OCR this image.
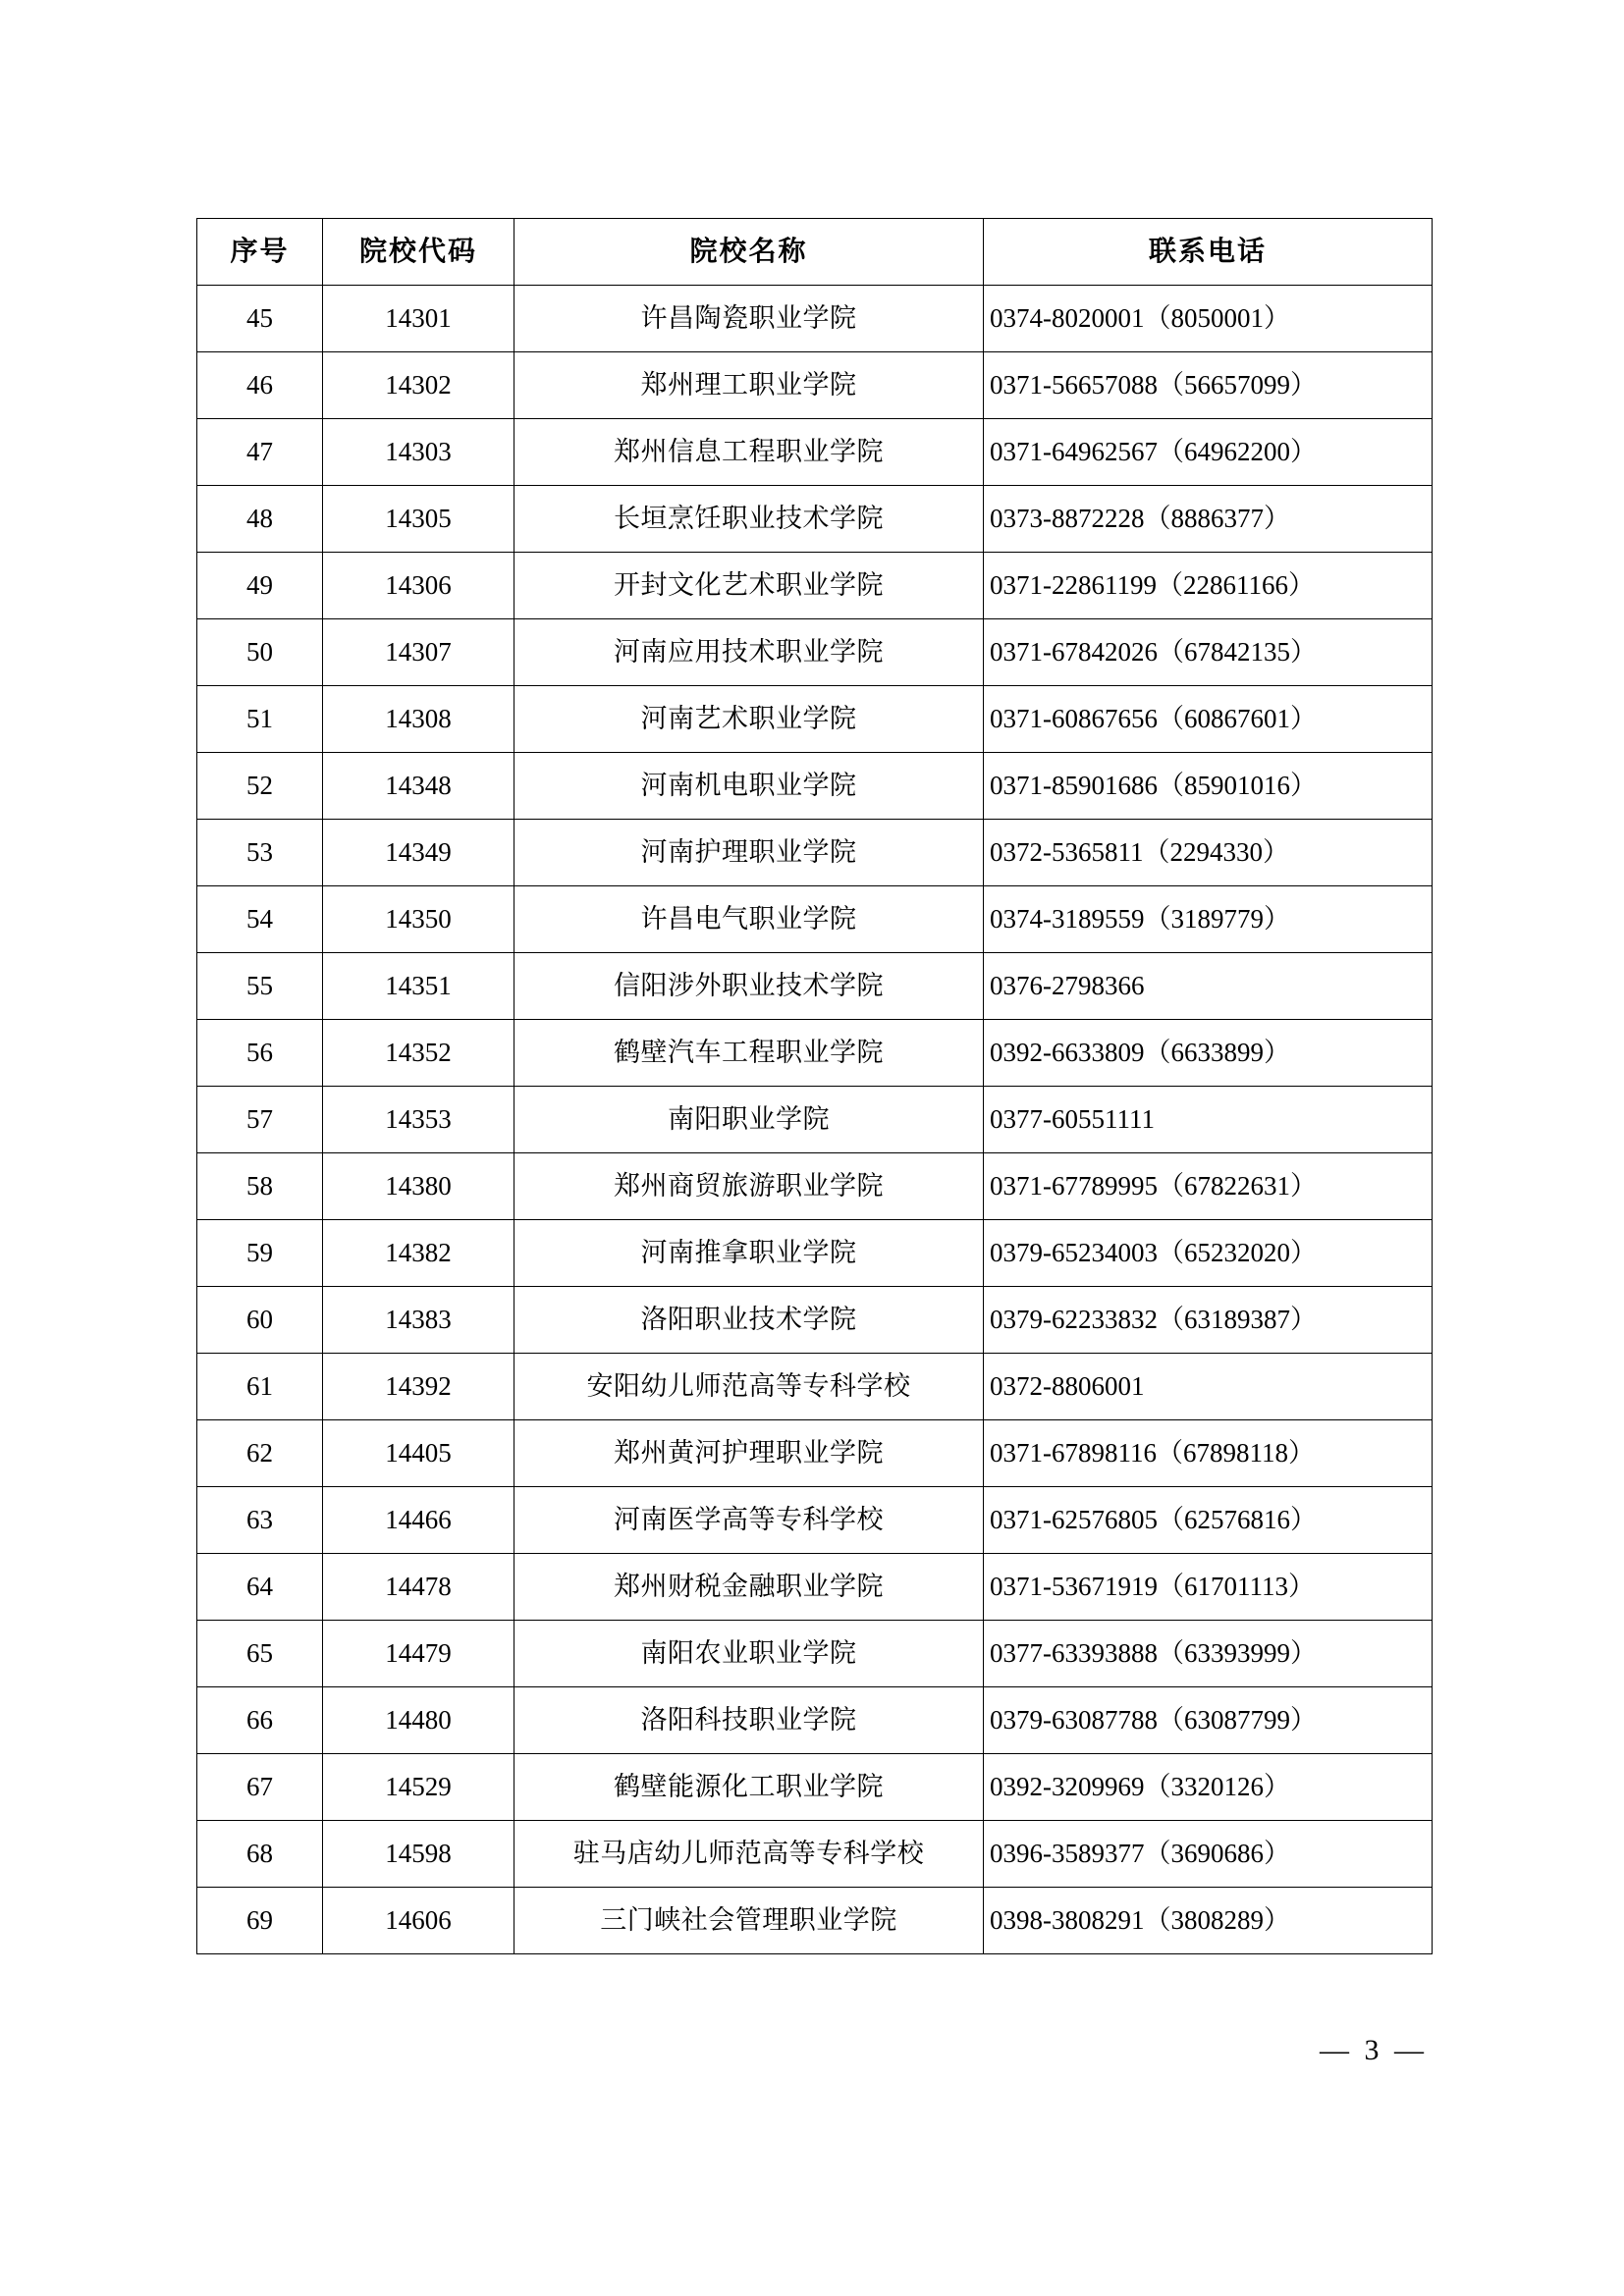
序号	院校代码	院校名称	联系电话
45	14301	许昌陶瓷职业学院	0374-8020001（8050001）
46	14302	郑州理工职业学院	0371-56657088（56657099）
47	14303	郑州信息工程职业学院	0371-64962567（64962200）
48	14305	长垣烹饪职业技术学院	0373-8872228（8886377）
49	14306	开封文化艺术职业学院	0371-22861199（22861166）
50	14307	河南应用技术职业学院	0371-67842026（67842135）
51	14308	河南艺术职业学院	0371-60867656（60867601）
52	14348	河南机电职业学院	0371-85901686（85901016）
53	14349	河南护理职业学院	0372-5365811（2294330）
54	14350	许昌电气职业学院	0374-3189559（3189779）
55	14351	信阳涉外职业技术学院	0376-2798366
56	14352	鹤壁汽车工程职业学院	0392-6633809（6633899）
57	14353	南阳职业学院	0377-60551111
58	14380	郑州商贸旅游职业学院	0371-67789995（67822631）
59	14382	河南推拿职业学院	0379-65234003（65232020）
60	14383	洛阳职业技术学院	0379-62233832（63189387）
61	14392	安阳幼儿师范高等专科学校	0372-8806001
62	14405	郑州黄河护理职业学院	0371-67898116（67898118）
63	14466	河南医学高等专科学校	0371-62576805（62576816）
64	14478	郑州财税金融职业学院	0371-53671919（61701113）
65	14479	南阳农业职业学院	0377-63393888（63393999）
66	14480	洛阳科技职业学院	0379-63087788（63087799）
67	14529	鹤壁能源化工职业学院	0392-3209969（3320126）
68	14598	驻马店幼儿师范高等专科学校	0396-3589377（3690686）
69	14606	三门峡社会管理职业学院	0398-3808291（3808289）
— 3 —
